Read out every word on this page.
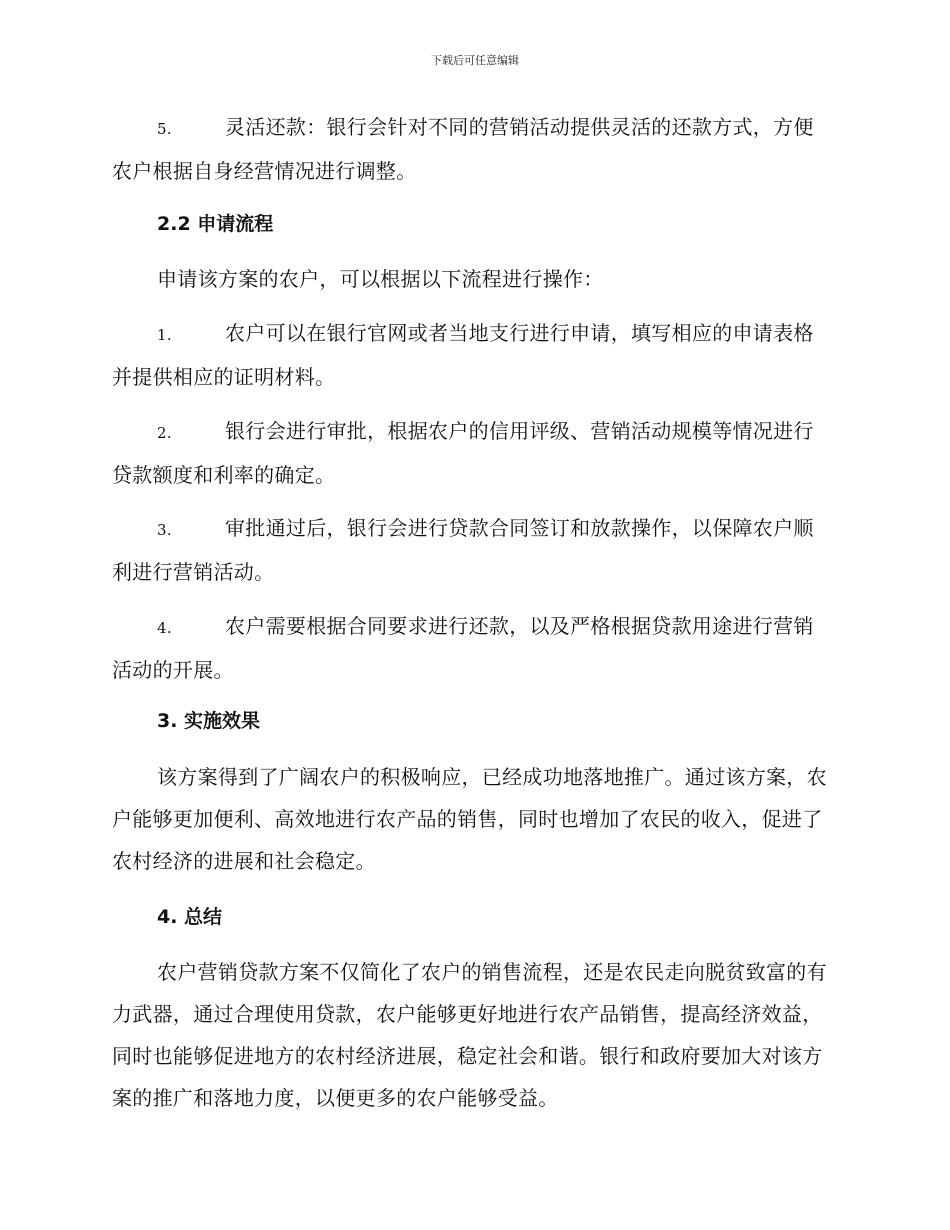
下载后可任意编辑

5.	灵活还款：银行会针对不同的营销活动提供灵活的还款方式，方便农户根据自身经营情况进行调整。

2.2 申请流程

申请该方案的农户，可以根据以下流程进行操作：

1.	农户可以在银行官网或者当地支行进行申请，填写相应的申请表格并提供相应的证明材料。

2.	银行会进行审批，根据农户的信用评级、营销活动规模等情况进行贷款额度和利率的确定。

3.	审批通过后，银行会进行贷款合同签订和放款操作，以保障农户顺利进行营销活动。

4.	农户需要根据合同要求进行还款，以及严格根据贷款用途进行营销活动的开展。

3. 实施效果

该方案得到了广阔农户的积极响应，已经成功地落地推广。通过该方案，农户能够更加便利、高效地进行农产品的销售，同时也增加了农民的收入，促进了农村经济的进展和社会稳定。

4. 总结

农户营销贷款方案不仅简化了农户的销售流程，还是农民走向脱贫致富的有力武器，通过合理使用贷款，农户能够更好地进行农产品销售，提高经济效益，同时也能够促进地方的农村经济进展，稳定社会和谐。银行和政府要加大对该方案的推广和落地力度，以便更多的农户能够受益。
